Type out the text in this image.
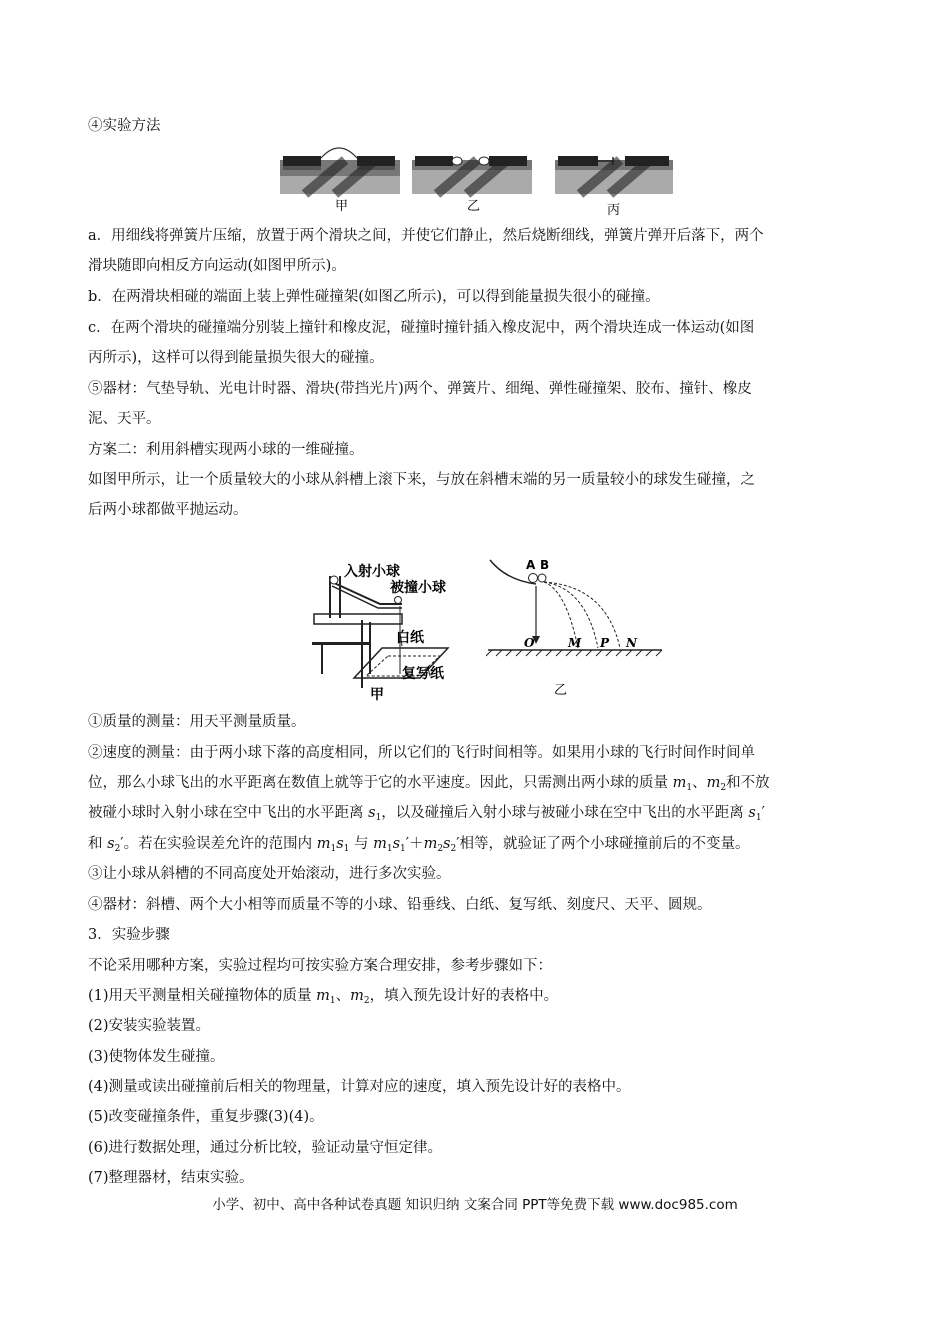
④实验方法
甲	乙	丙
a．用细线将弹簧片压缩，放置于两个滑块之间，并使它们静止，然后烧断细线，弹簧片弹开后落下，两个
滑块随即向相反方向运动(如图甲所示)。
b．在两滑块相碰的端面上装上弹性碰撞架(如图乙所示)，可以得到能量损失很小的碰撞。
c．在两个滑块的碰撞端分别装上撞针和橡皮泥，碰撞时撞针插入橡皮泥中，两个滑块连成一体运动(如图
丙所示)，这样可以得到能量损失很大的碰撞。
⑤器材：气垫导轨、光电计时器、滑块(带挡光片)两个、弹簧片、细绳、弹性碰撞架、胶布、撞针、橡皮
泥、天平。
方案二：利用斜槽实现两小球的一维碰撞。
如图甲所示，让一个质量较大的小球从斜槽上滚下来，与放在斜槽末端的另一质量较小的球发生碰撞，之
后两小球都做平抛运动。
入射小球
被撞小球
白纸
复写纸
甲
A B
O	M P N
乙
①质量的测量：用天平测量质量。
②速度的测量：由于两小球下落的高度相同，所以它们的飞行时间相等。如果用小球的飞行时间作时间单
位，那么小球飞出的水平距离在数值上就等于它的水平速度。因此，只需测出两小球的质量 $m_1$、$m_2$和不放
被碰小球时入射小球在空中飞出的水平距离 $s_1$，以及碰撞后入射小球与被碰小球在空中飞出的水平距离 $s_1'$
和 $s_2'$。若在实验误差允许的范围内 $m_1s_1$ 与 $m_1s_1'+m_2s_2'$相等，就验证了两个小球碰撞前后的不变量。
③让小球从斜槽的不同高度处开始滚动，进行多次实验。
④器材：斜槽、两个大小相等而质量不等的小球、铅垂线、白纸、复写纸、刻度尺、天平、圆规。
3．实验步骤
不论采用哪种方案，实验过程均可按实验方案合理安排，参考步骤如下：
(1)用天平测量相关碰撞物体的质量 $m_1$、$m_2$，填入预先设计好的表格中。
(2)安装实验装置。
(3)使物体发生碰撞。
(4)测量或读出碰撞前后相关的物理量，计算对应的速度，填入预先设计好的表格中。
(5)改变碰撞条件，重复步骤(3)(4)。
(6)进行数据处理，通过分析比较，验证动量守恒定律。
(7)整理器材，结束实验。
小学、初中、高中各种试卷真题 知识归纳 文案合同 PPT等免费下载 www.doc985.com
